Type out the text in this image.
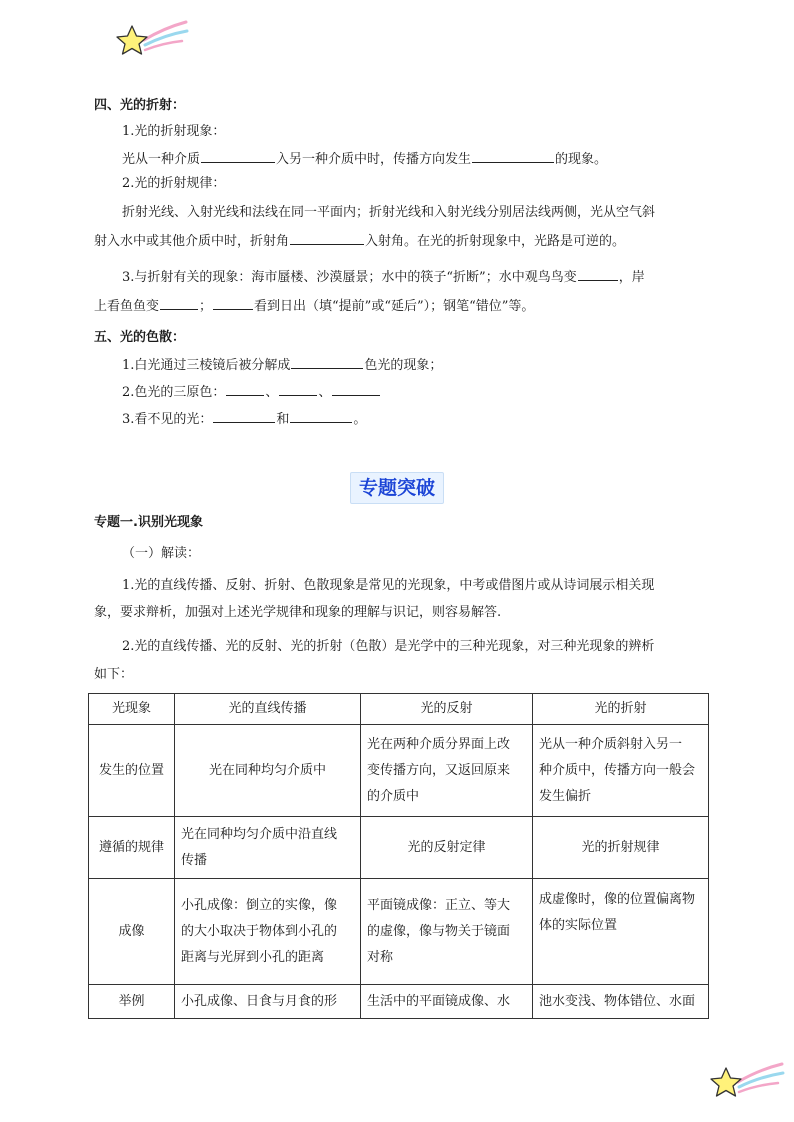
四、光的折射：
1.光的折射现象：
光从一种介质	入另一种介质中时，传播方向发生	的现象。
2.光的折射规律：
折射光线、入射光线和法线在同一平面内；折射光线和入射光线分别居法线两侧，光从空气斜
射入水中或其他介质中时，折射角	入射角。在光的折射现象中，光路是可逆的。
3.与折射有关的现象：海市蜃楼、沙漠蜃景；水中的筷子“折断”；水中观鸟鸟变	，岸
上看鱼鱼变	；	看到日出（填“提前”或“延后”）；钢笔“错位”等。
五、光的色散：
1.白光通过三棱镜后被分解成	色光的现象；
2.色光的三原色：	、	、
3.看不见的光：	和	。
专题突破
专题一.识别光现象
（一）解读：
1.光的直线传播、反射、折射、色散现象是常见的光现象，中考或借图片或从诗词展示相关现
象，要求辩析，加强对上述光学规律和现象的理解与识记，则容易解答.
2.光的直线传播、光的反射、光的折射（色散）是光学中的三种光现象，对三种光现象的辨析
如下：
光现象	光的直线传播	光的反射	光的折射
发生的位置	光在同种均匀介质中	光在两种介质分界面上改
变传播方向，又返回原来
的介质中	光从一种介质斜射入另一
种介质中，传播方向一般会
发生偏折
遵循的规律	光在同种均匀介质中沿直线
传播	光的反射定律	光的折射规律
成像	小孔成像：倒立的实像，像
的大小取决于物体到小孔的
距离与光屏到小孔的距离	平面镜成像：正立、等大
的虚像，像与物关于镜面
对称	成虚像时，像的位置偏离物
体的实际位置
举例	小孔成像、日食与月食的形	生活中的平面镜成像、水	池水变浅、物体错位、水面
